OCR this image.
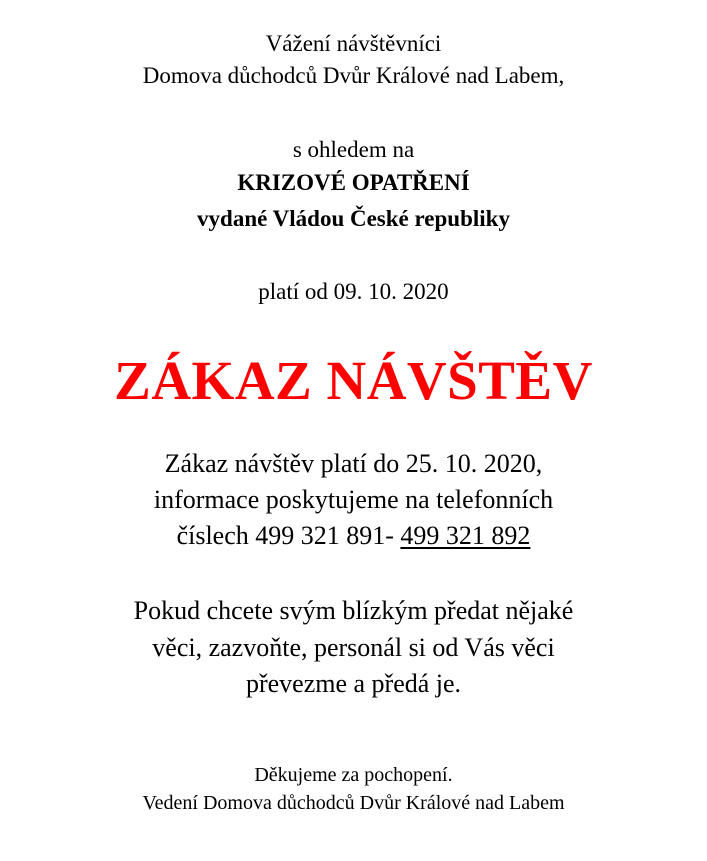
Vážení návštěvníci
Domova důchodců Dvůr Králové nad Labem,
s ohledem na
KRIZOVÉ OPATŘENÍ
vydané Vládou České republiky
platí od 09. 10. 2020
ZÁKAZ NÁVŠTĚV
Zákaz návštěv platí do 25. 10. 2020,
informace poskytujeme na telefonních
číslech 499 321 891- 499 321 892
Pokud chcete svým blízkým předat nějaké
věci, zazvoňte, personál si od Vás věci
převezme a předá je.
Děkujeme za pochopení.
Vedení Domova důchodců Dvůr Králové nad Labem
